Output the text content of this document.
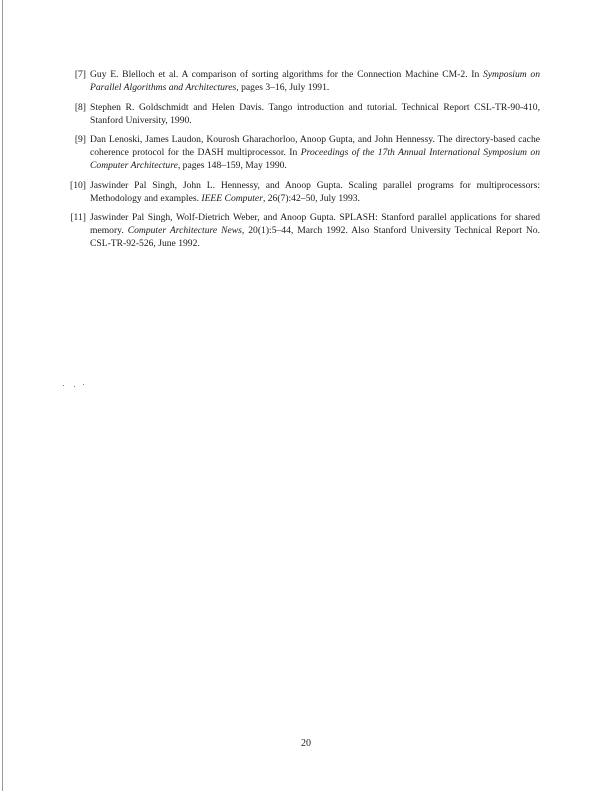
[7] Guy E. Blelloch et al. A comparison of sorting algorithms for the Connection Machine CM-2. In Symposium on Parallel Algorithms and Architectures, pages 3–16, July 1991.
[8] Stephen R. Goldschmidt and Helen Davis. Tango introduction and tutorial. Technical Report CSL-TR-90-410, Stanford University, 1990.
[9] Dan Lenoski, James Laudon, Kourosh Gharachorloo, Anoop Gupta, and John Hennessy. The directory-based cache coherence protocol for the DASH multiprocessor. In Proceedings of the 17th Annual International Symposium on Computer Architecture, pages 148–159, May 1990.
[10] Jaswinder Pal Singh, John L. Hennessy, and Anoop Gupta. Scaling parallel programs for multiprocessors: Methodology and examples. IEEE Computer, 26(7):42–50, July 1993.
[11] Jaswinder Pal Singh, Wolf-Dietrich Weber, and Anoop Gupta. SPLASH: Stanford parallel applications for shared memory. Computer Architecture News, 20(1):5–44, March 1992. Also Stanford University Technical Report No. CSL-TR-92-526, June 1992.
20
